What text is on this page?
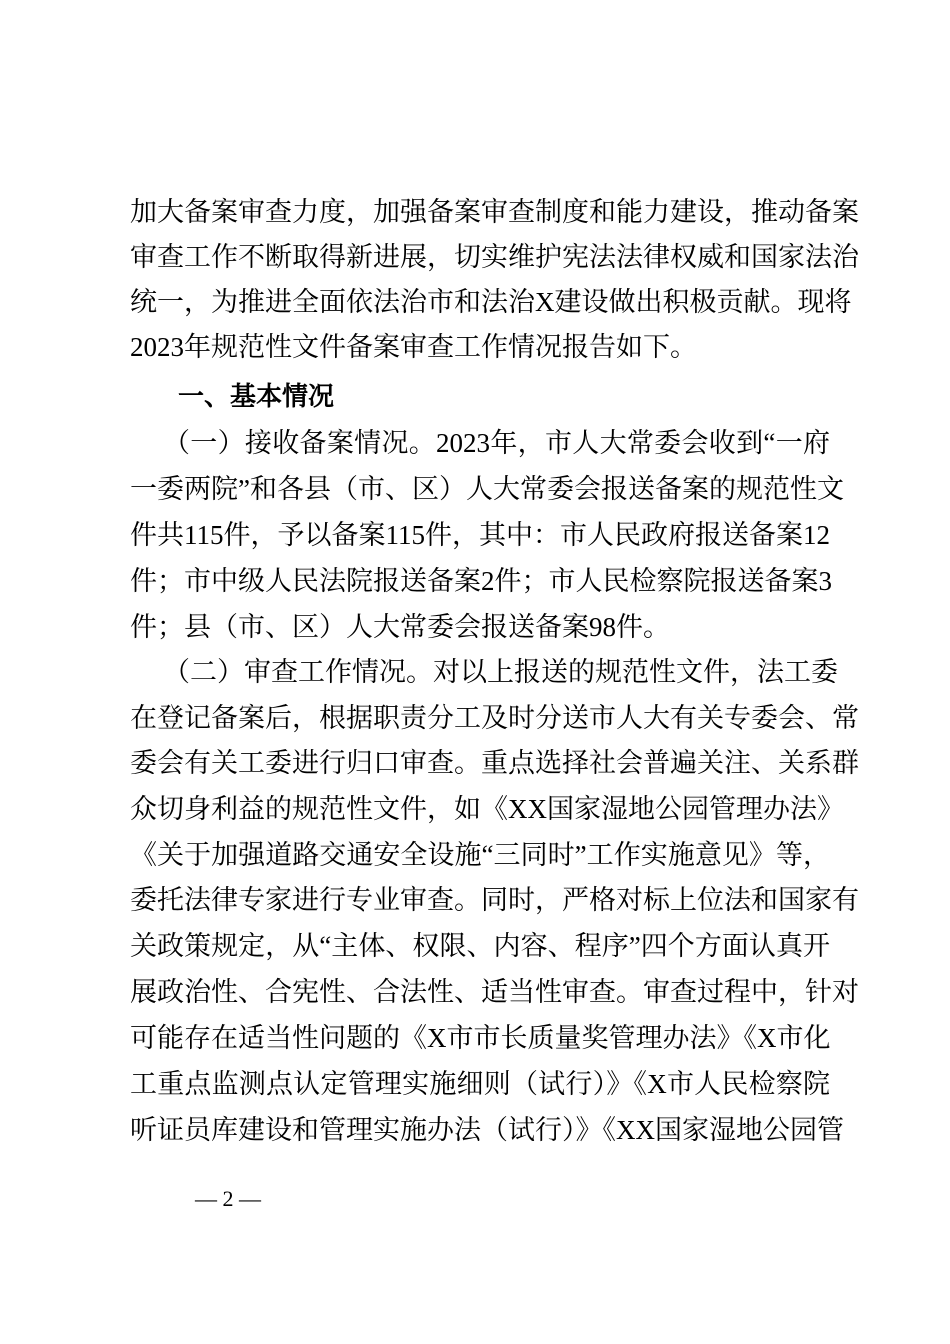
加大备案审查力度，加强备案审查制度和能力建设，推动备案
审查工作不断取得新进展，切实维护宪法法律权威和国家法治
统一，为推进全面依法治市和法治X建设做出积极贡献。现将
2023年规范性文件备案审查工作情况报告如下。
一、基本情况
（一）接收备案情况。2023年，市人大常委会收到“一府
一委两院”和各县（市、区）人大常委会报送备案的规范性文
件共115件，予以备案115件，其中：市人民政府报送备案12
件；市中级人民法院报送备案2件；市人民检察院报送备案3
件；县（市、区）人大常委会报送备案98件。
（二）审查工作情况。对以上报送的规范性文件，法工委
在登记备案后，根据职责分工及时分送市人大有关专委会、常
委会有关工委进行归口审查。重点选择社会普遍关注、关系群
众切身利益的规范性文件，如《XX国家湿地公园管理办法》
《关于加强道路交通安全设施“三同时”工作实施意见》等，
委托法律专家进行专业审查。同时，严格对标上位法和国家有
关政策规定，从“主体、权限、内容、程序”四个方面认真开
展政治性、合宪性、合法性、适当性审查。审查过程中，针对
可能存在适当性问题的《X市市长质量奖管理办法》《X市化
工重点监测点认定管理实施细则（试行）》《X市人民检察院
听证员库建设和管理实施办法（试行）》《XX国家湿地公园管
— 2 —
